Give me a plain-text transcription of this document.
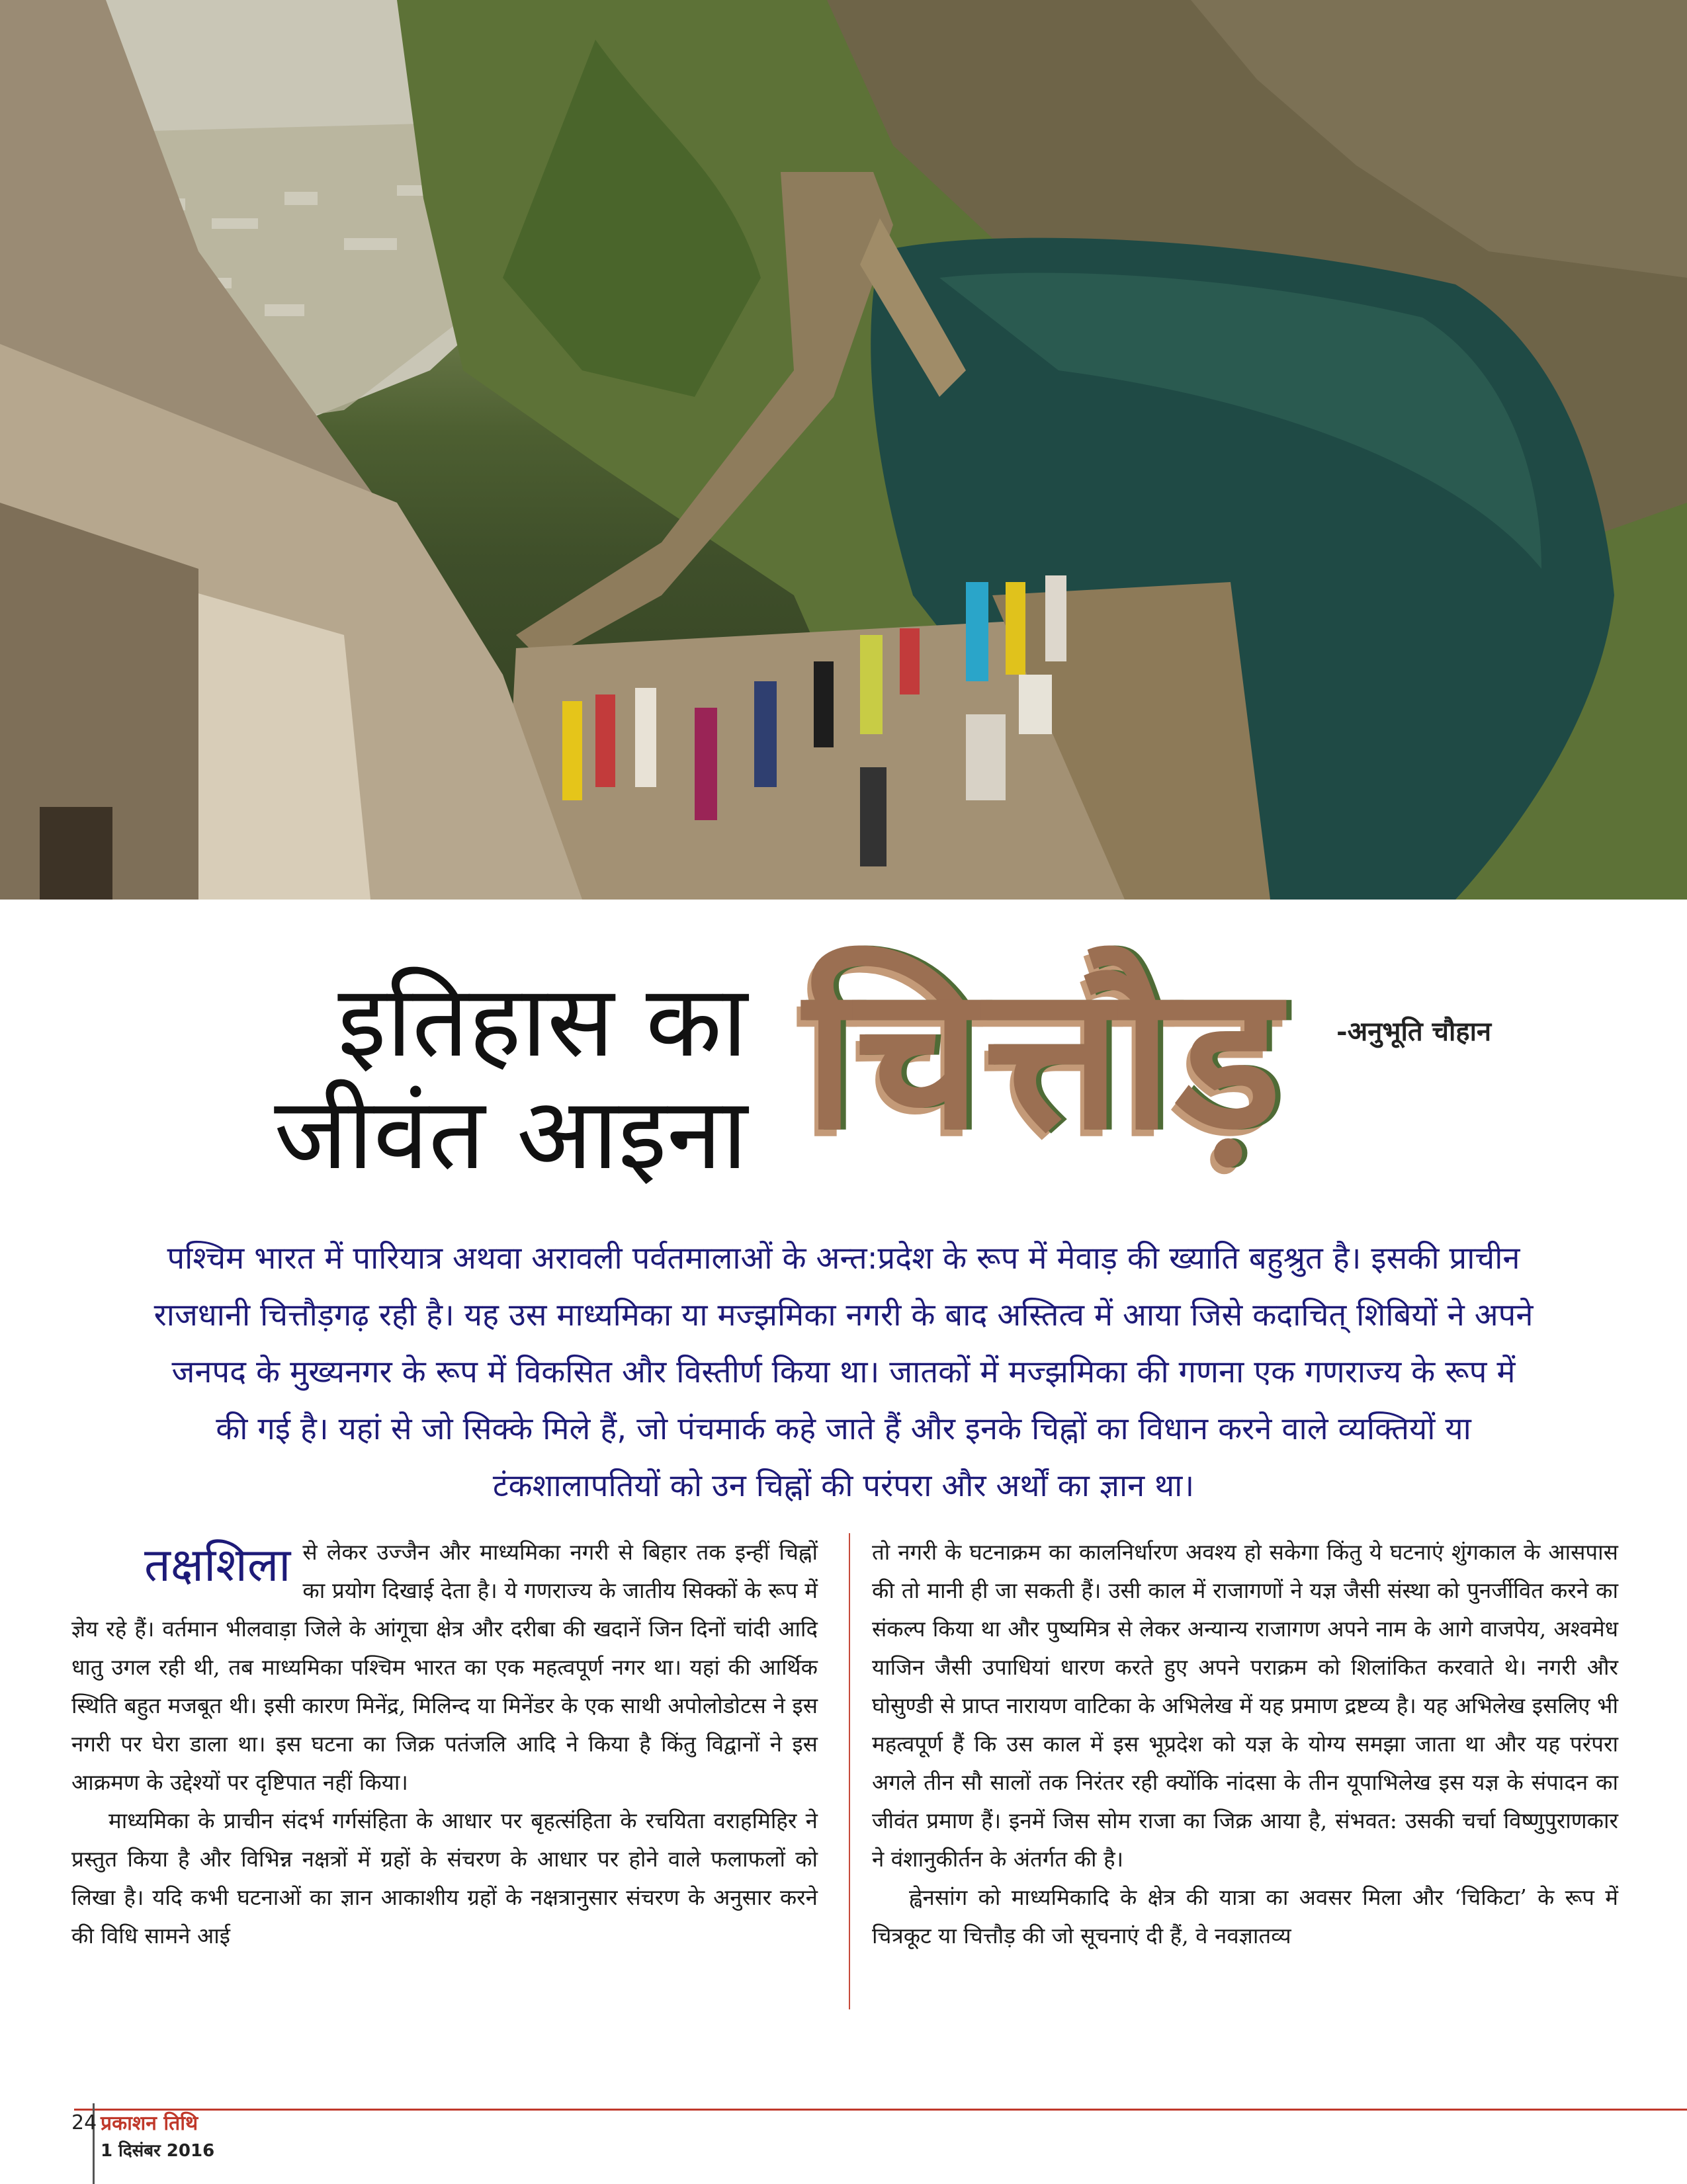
इतिहास का
जीवंत आइना चित्तौड़ -अनुभूति चौहान

पश्चिम भारत में पारियात्र अथवा अरावली पर्वतमालाओं के अन्त:प्रदेश के रूप में मेवाड़ की ख्याति बहुश्रुत है। इसकी प्राचीन राजधानी चित्तौड़गढ़ रही है। यह उस माध्यमिका या मज्झमिका नगरी के बाद अस्तित्व में आया जिसे कदाचित् शिबियों ने अपने जनपद के मुख्यनगर के रूप में विकसित और विस्तीर्ण किया था। जातकों में मज्झमिका की गणना एक गणराज्य के रूप में की गई है। यहां से जो सिक्के मिले हैं, जो पंचमार्क कहे जाते हैं और इनके चिह्नों का विधान करने वाले व्यक्तियों या टंकशालापतियों को उन चिह्नों की परंपरा और अर्थों का ज्ञान था।

तक्षशिला से लेकर उज्जैन और माध्यमिका नगरी से बिहार तक इन्हीं चिह्नों का प्रयोग दिखाई देता है। ये गणराज्य के जातीय सिक्कों के रूप में ज्ञेय रहे हैं। वर्तमान भीलवाड़ा जिले के आंगूचा क्षेत्र और दरीबा की खदानें जिन दिनों चांदी आदि धातु उगल रही थी, तब माध्यमिका पश्चिम भारत का एक महत्वपूर्ण नगर था। यहां की आर्थिक स्थिति बहुत मजबूत थी। इसी कारण मिनेंद्र, मिलिन्द या मिनेंडर के एक साथी अपोलोडोटस ने इस नगरी पर घेरा डाला था। इस घटना का जिक्र पतंजलि आदि ने किया है किंतु विद्वानों ने इस आक्रमण के उद्देश्यों पर दृष्टिपात नहीं किया।

माध्यमिका के प्राचीन संदर्भ गर्गसंहिता के आधार पर बृहत्संहिता के रचयिता वराहमिहिर ने प्रस्तुत किया है और विभिन्न नक्षत्रों में ग्रहों के संचरण के आधार पर होने वाले फलाफलों को लिखा है। यदि कभी घटनाओं का ज्ञान आकाशीय ग्रहों के नक्षत्रानुसार संचरण के अनुसार करने की विधि सामने आई

तो नगरी के घटनाक्रम का कालनिर्धारण अवश्य हो सकेगा किंतु ये घटनाएं शुंगकाल के आसपास की तो मानी ही जा सकती हैं। उसी काल में राजागणों ने यज्ञ जैसी संस्था को पुनर्जीवित करने का संकल्प किया था और पुष्यमित्र से लेकर अन्यान्य राजागण अपने नाम के आगे वाजपेय, अश्वमेध याजिन जैसी उपाधियां धारण करते हुए अपने पराक्रम को शिलांकित करवाते थे। नगरी और घोसुण्डी से प्राप्त नारायण वाटिका के अभिलेख में यह प्रमाण द्रष्टव्य है। यह अभिलेख इसलिए भी महत्वपूर्ण हैं कि उस काल में इस भूप्रदेश को यज्ञ के योग्य समझा जाता था और यह परंपरा अगले तीन सौ सालों तक निरंतर रही क्योंकि नांदसा के तीन यूपाभिलेख इस यज्ञ के संपादन का जीवंत प्रमाण हैं। इनमें जिस सोम राजा का जिक्र आया है, संभवत: उसकी चर्चा विष्णुपुराणकार ने वंशानुकीर्तन के अंतर्गत की है।

ह्वेनसांग को माध्यमिकादि के क्षेत्र की यात्रा का अवसर मिला और ‘चिकिटा’ के रूप में चित्रकूट या चित्तौड़ की जो सूचनाएं दी हैं, वे नवज्ञातव्य

24 प्रकाशन तिथि
1 दिसंबर 2016
